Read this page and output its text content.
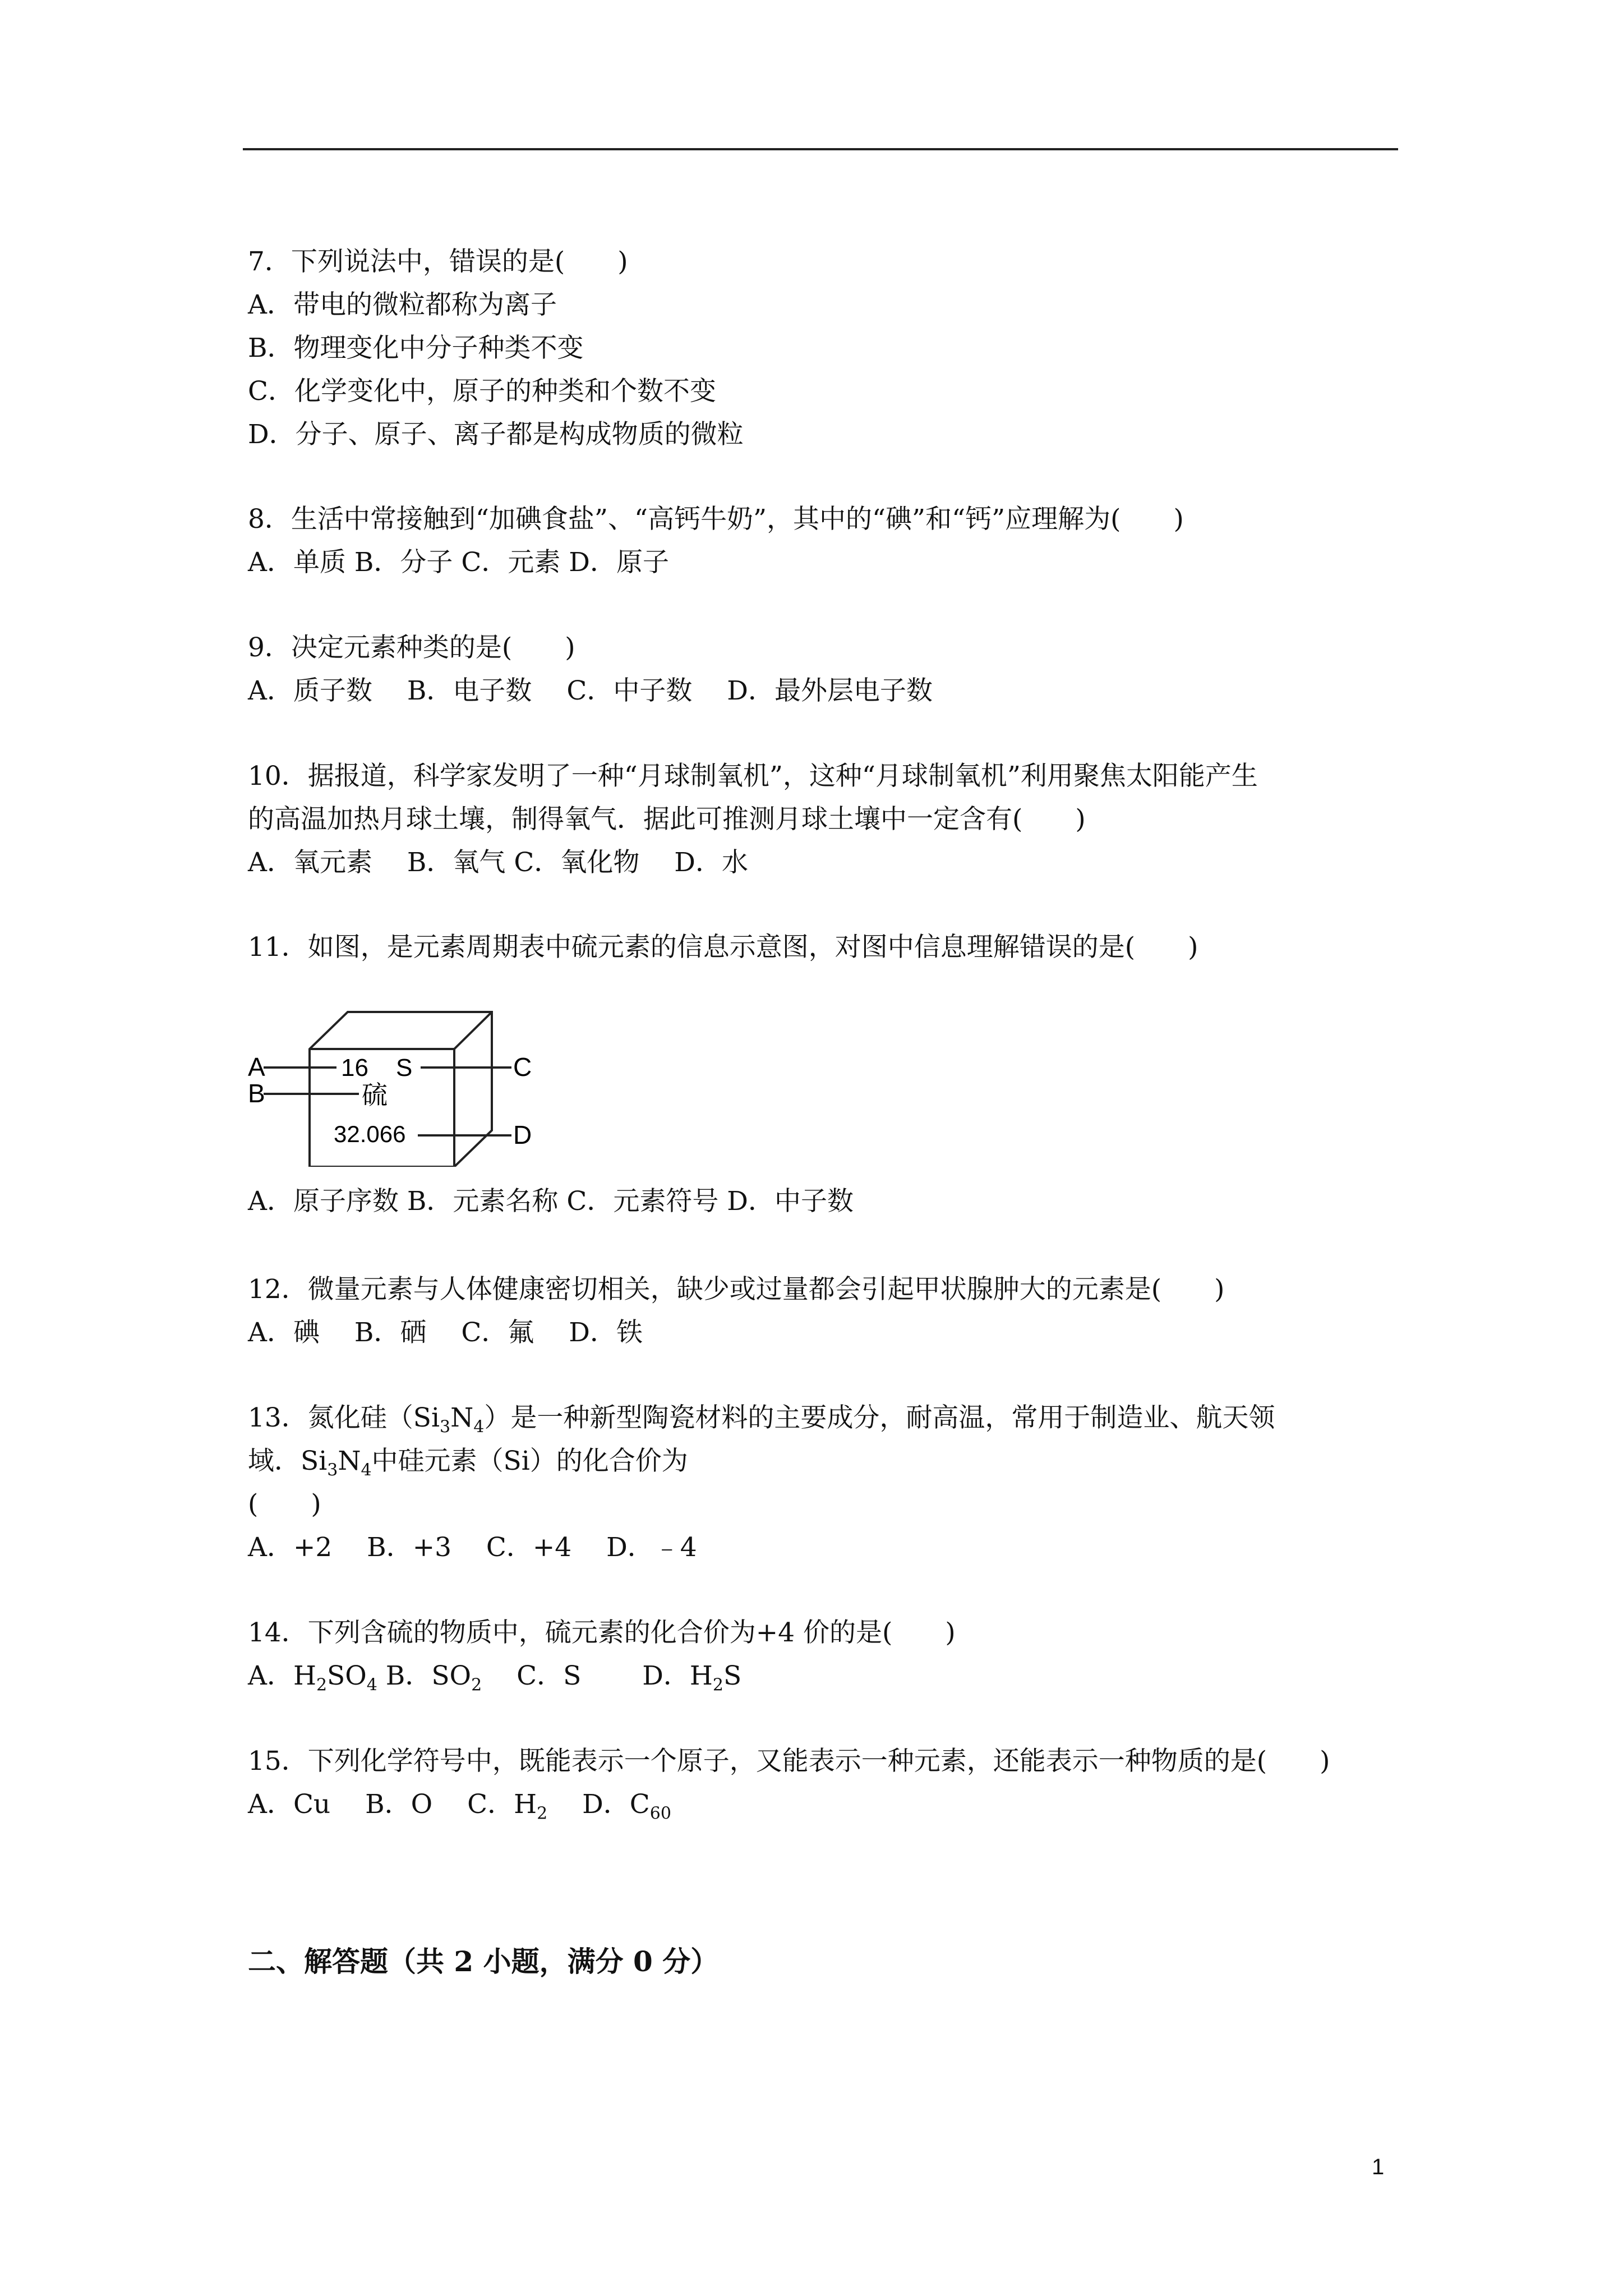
7．下列说法中，错误的是(　　)
A．带电的微粒都称为离子
B．物理变化中分子种类不变
C．化学变化中，原子的种类和个数不变
D．分子、原子、离子都是构成物质的微粒
8．生活中常接触到“加碘食盐”、“高钙牛奶”，其中的“碘”和“钙”应理解为(　　)
A．单质 B．分子 C．元素 D．原子
9．决定元素种类的是(　　)
A．质子数　 B．电子数　 C．中子数　 D．最外层电子数
10．据报道，科学家发明了一种“月球制氧机”，这种“月球制氧机”利用聚焦太阳能产生
的高温加热月球土壤，制得氧气．据此可推测月球土壤中一定含有(　　)
A．氧元素　 B．氧气 C．氧化物　 D．水
11．如图，是元素周期表中硫元素的信息示意图，对图中信息理解错误的是(　　)
A
B
C
D
16 S
硫
32.066
A．原子序数 B．元素名称 C．元素符号 D．中子数
12．微量元素与人体健康密切相关，缺少或过量都会引起甲状腺肿大的元素是(　　)
A．碘　 B．硒　 C．氟　 D．铁
13．氮化硅$(Si_3N_4)$是一种新型陶瓷材料的主要成分，耐高温，常用于制造业、航天领
域．$Si_3N_4$中硅元素（Si）的化合价为
(　　)
A．+2　 B．+3　 C．+4　 D．﹣4
14．下列含硫的物质中，硫元素的化合价为+4 价的是(　　)
A．$H_2SO_4$ B．$SO_2$　 C．S　　 D．$H_2S$
15．下列化学符号中，既能表示一个原子，又能表示一种元素，还能表示一种物质的是(　　)
A．Cu　 B．O　 C．$H_2$　 D．$C_{60}$
二、解答题（共 2 小题，满分 0 分）
1
